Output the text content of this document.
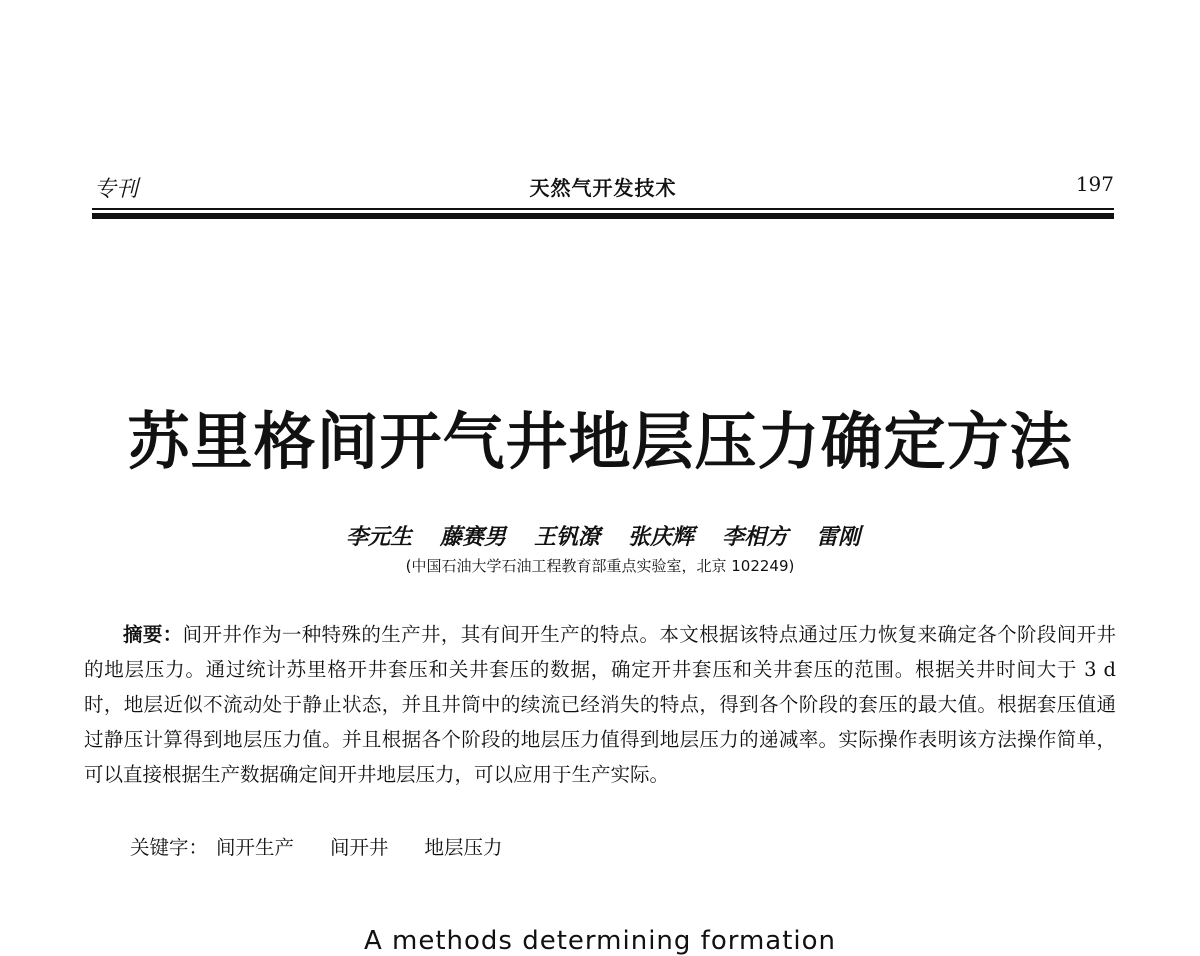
专刊	天然气开发技术	197
苏里格间开气井地层压力确定方法
李元生 藤赛男 王钒潦 张庆辉 李相方 雷刚
(中国石油大学石油工程教育部重点实验室，北京 102249)

摘要：间开井作为一种特殊的生产井，其有间开生产的特点。本文根据该特点通过压力恢复来确定各个阶段间开井的地层压力。通过统计苏里格开井套压和关井套压的数据，确定开井套压和关井套压的范围。根据关井时间大于 3 d 时，地层近似不流动处于静止状态，并且井筒中的续流已经消失的特点，得到各个阶段的套压的最大值。根据套压值通过静压计算得到地层压力值。并且根据各个阶段的地层压力值得到地层压力的递减率。实际操作表明该方法操作简单，可以直接根据生产数据确定间开井地层压力，可以应用于生产实际。

关键字： 间开生产 间开井 地层压力
A methods determining formation
